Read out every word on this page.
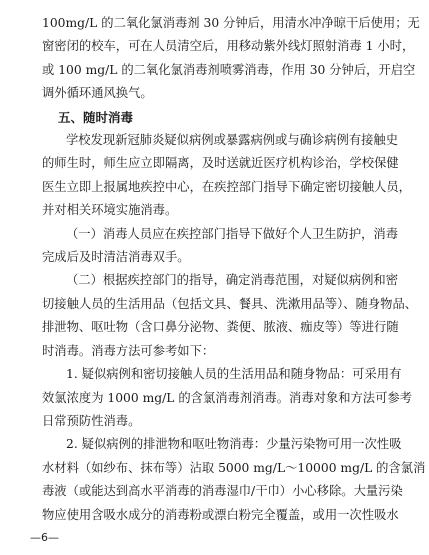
100mg/L 的二氧化氯消毒剂 30 分钟后，用清水冲净晾干后使用；无

窗密闭的校车，可在人员清空后，用移动紫外线灯照射消毒 1 小时，

或 100 mg/L 的二氧化氯消毒剂喷雾消毒，作用 30 分钟后，开启空

调外循环通风换气。

五、随时消毒

学校发现新冠肺炎疑似病例或暴露病例或与确诊病例有接触史

的师生时，师生应立即隔离，及时送就近医疗机构诊治，学校保健

医生立即上报属地疾控中心，在疾控部门指导下确定密切接触人员，

并对相关环境实施消毒。

（一）消毒人员应在疾控部门指导下做好个人卫生防护，消毒

完成后及时清洁消毒双手。

（二）根据疾控部门的指导，确定消毒范围，对疑似病例和密

切接触人员的生活用品（包括文具、餐具、洗漱用品等）、随身物品、

排泄物、呕吐物（含口鼻分泌物、粪便、脓液、痂皮等）等进行随

时消毒。消毒方法可参考如下：

1. 疑似病例和密切接触人员的生活用品和随身物品：可采用有

效氯浓度为 1000 mg/L 的含氯消毒剂消毒。消毒对象和方法可参考

日常预防性消毒。

2. 疑似病例的排泄物和呕吐物消毒：少量污染物可用一次性吸

水材料（如纱布、抹布等）沾取 5000 mg/L～10000 mg/L 的含氯消

毒液（或能达到高水平消毒的消毒湿巾/干巾）小心移除。大量污染

物应使用含吸水成分的消毒粉或漂白粉完全覆盖，或用一次性吸水

—6—
